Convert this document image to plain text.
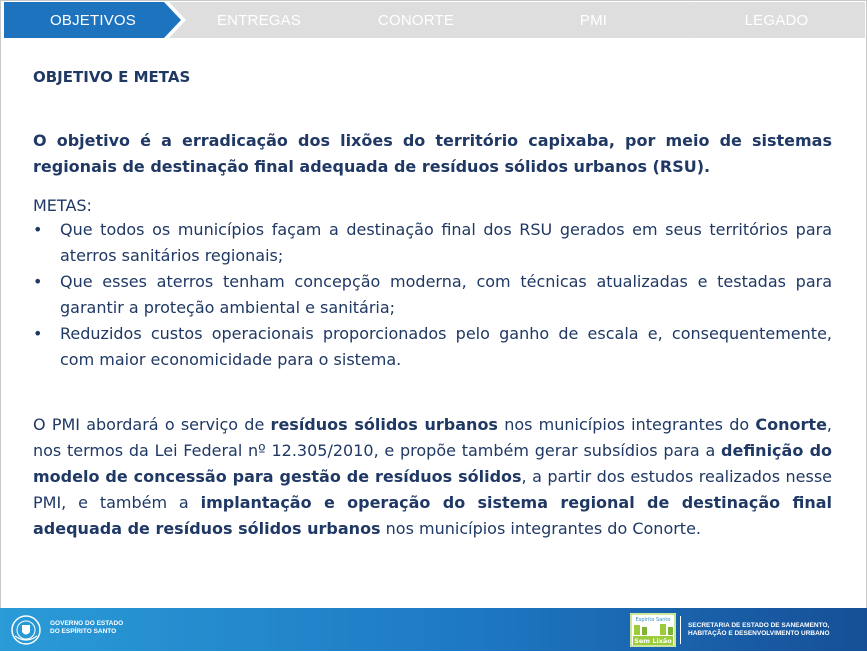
OBJETIVOS	ENTREGAS	CONORTE	PMI	LEGADO
OBJETIVO E METAS
O objetivo é a erradicação dos lixões do território capixaba, por meio de sistemas regionais de destinação final adequada de resíduos sólidos urbanos (RSU).
METAS:
• Que todos os municípios façam a destinação final dos RSU gerados em seus territórios para aterros sanitários regionais;
• Que esses aterros tenham concepção moderna, com técnicas atualizadas e testadas para garantir a proteção ambiental e sanitária;
• Reduzidos custos operacionais proporcionados pelo ganho de escala e, consequentemente, com maior economicidade para o sistema.
O PMI abordará o serviço de resíduos sólidos urbanos nos municípios integrantes do Conorte, nos termos da Lei Federal nº 12.305/2010, e propõe também gerar subsídios para a definição do modelo de concessão para gestão de resíduos sólidos, a partir dos estudos realizados nesse PMI, e também a implantação e operação do sistema regional de destinação final adequada de resíduos sólidos urbanos nos municípios integrantes do Conorte.
GOVERNO DO ESTADO
DO ESPÍRITO SANTO
Espírito Santo
Sem Lixão
SECRETARIA DE ESTADO DE SANEAMENTO,
HABITAÇÃO E DESENVOLVIMENTO URBANO
